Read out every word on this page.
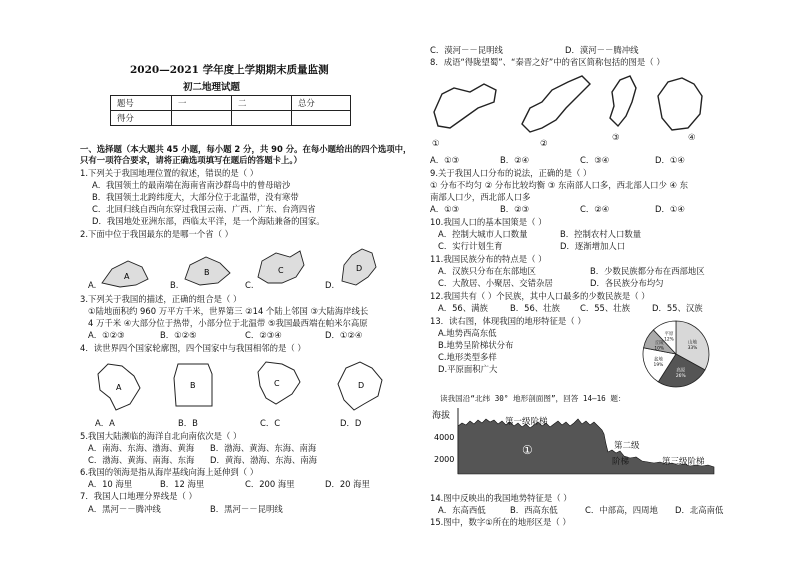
2020—2021 学年度上学期期末质量监测
初二地理试题
题号	一	二	总分
得分			
一、选择题（本大题共 45 小题，每小题 2 分，共 90 分。在每小题给出的四个选项中，
只有一项符合要求，请将正确选项填写在题后的答题卡上。）
1.下列关于我国地理位置的叙述，错误的是（ ）
A．我国领土的最南端在海南省南沙群岛中的曾母暗沙
B．我国领土北跨纬度大，大部分位于北温带，没有寒带
C．北回归线自西向东穿过我国云南、广西、广东、台湾四省
D．我国地处亚洲东部，西临太平洋，是一个海陆兼备的国家。
2.下面中位于我国最东的是哪一个省（ ）
A	B	C	D
A.	B.	C.	D.
3.下列关于我国的描述，正确的组合是（ ）
①陆地面积约 960 万平方千米，世界第三 ②14 个陆上邻国 ③大陆海岸线长
4 万千米 ④大部分位于热带，小部分位于北温带 ⑤我国最西端在帕米尔高原
A．①②③	B．①②⑤	C．②③④	D．①②④
4．读世界四个国家轮廓图，四个国家中与我国相邻的是（ ）
A	B	C	D
A．A	B．B	C．C	D．D
5.我国大陆濒临的海洋自北向南依次是（ ）
A．南海、东海、渤海、黄海 B．渤海、黄海、东海、南海
C．渤海、黄海、南海、东海 D．黄海、渤海、东海、南海
6.我国的领海是指从海岸基线向海上延伸到（ ）
A．10 海里	B．12 海里	C．200 海里	D．20 海里
7．我国人口地理分界线是（ ）
A．黑河－－腾冲线	B．黑河－－昆明线
C．漠河－－昆明线	D．漠河－－腾冲线
8．成语“得陇望蜀”、“秦晋之好”中的省区简称包括的图是（ ）
①	②
③	④
A．①③	B．②④	C．③④	D．①④
9.关于我国人口分布的说法，正确的是（ ）
① 分布不均匀 ② 分布比较均衡 ③ 东南部人口多，西北部人口少 ④ 东
南部人口少，西北部人口多
A．①③	B．②③	C．②④	D．①④
10.我国人口的基本国策是（ ）
A．控制大城市人口数量	B．控制农村人口数量
C．实行计划生育	D．逐渐增加人口
11.我国民族分布的特点是（ ）
A．汉族只分布在东部地区	B．少数民族都分布在西部地区
C．大散居、小聚居、交错杂居	D．各民族分布均匀
12.我国共有（ ）个民族，其中人口最多的少数民族是（ ）
A．56、满族	B．56、壮族 C．55、壮族	D．55、汉族
13．读右图，体现我国的地形特征是（ ）
A.地势西高东低
B.地势呈阶梯状分布
C.地形类型多样
D.平原面积广大
山地
33%
高原
26%
盆地
19%
丘陵
10%
平原
12%
读我国沿“北纬 30° 地形剖面图”，回答 14—16 题：
海拔
4000
2000
第一级阶梯
①	第二级
阶梯	第三级阶梯
14.图中反映出的我国地势特征是（ ）
A．东高西低	B．西高东低	C．中部高，四周地 D．北高南低
15.图中，数字①所在的地形区是（ ）
